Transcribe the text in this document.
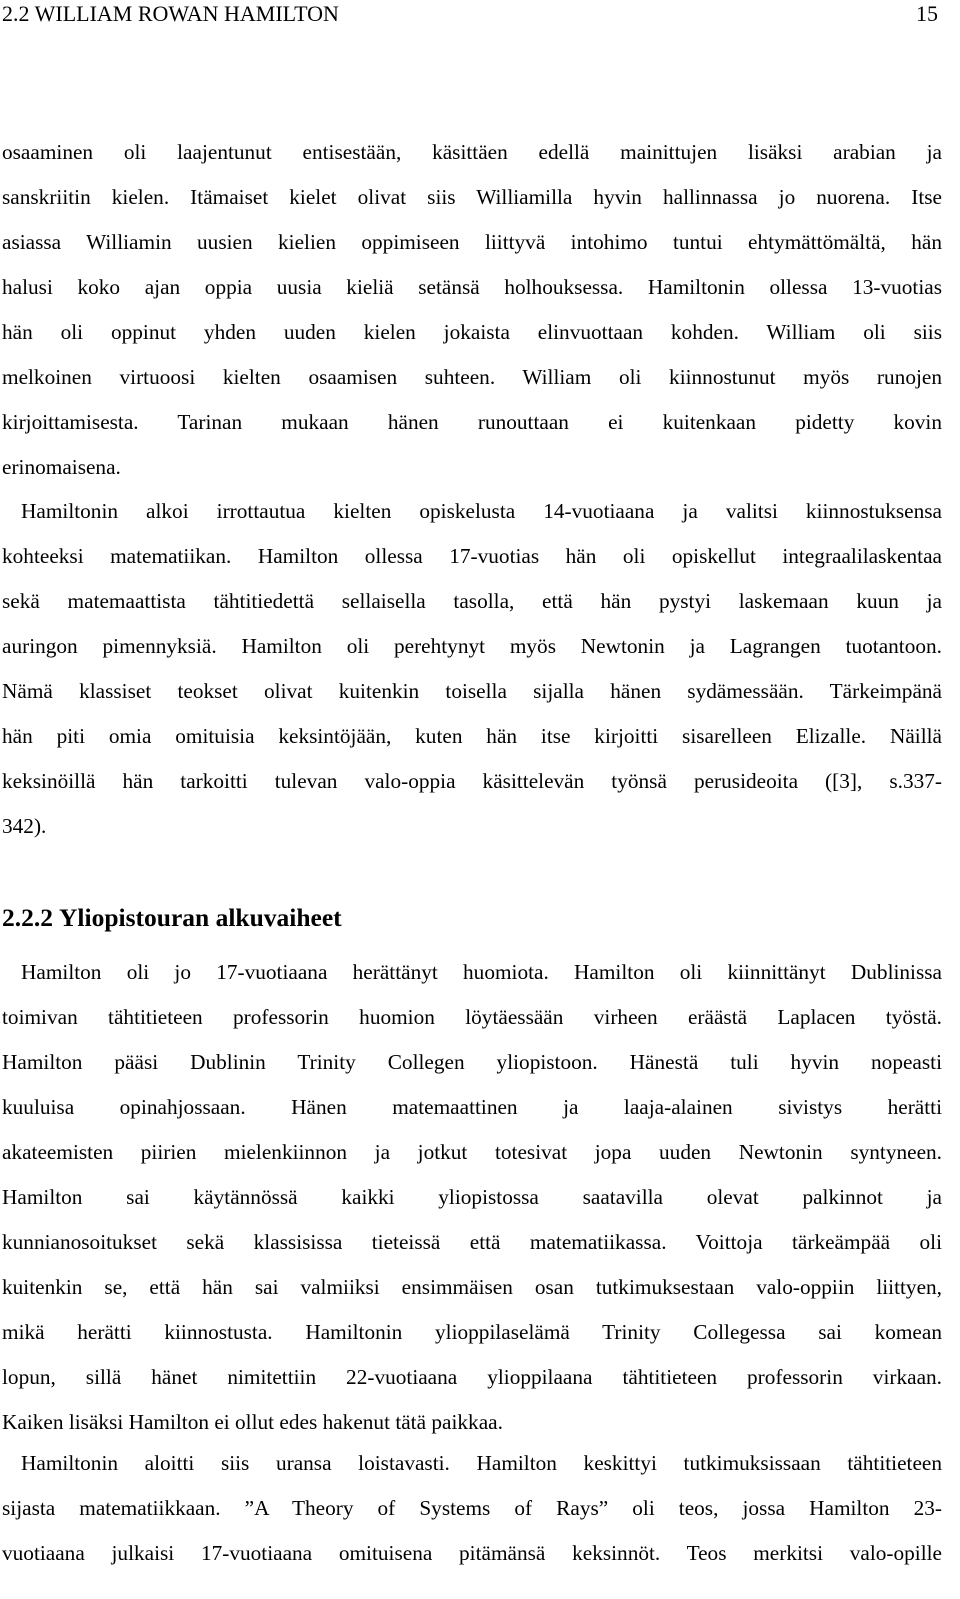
2.2 WILLIAM ROWAN HAMILTON	15

osaaminen oli laajentunut entisestään, käsittäen edellä mainittujen lisäksi arabian ja
sanskriitin kielen. Itämaiset kielet olivat siis Williamilla hyvin hallinnassa jo nuorena. Itse
asiassa Williamin uusien kielien oppimiseen liittyvä intohimo tuntui ehtymättömältä, hän
halusi koko ajan oppia uusia kieliä setänsä holhouksessa. Hamiltonin ollessa 13-vuotias
hän oli oppinut yhden uuden kielen jokaista elinvuottaan kohden. William oli siis
melkoinen virtuoosi kielten osaamisen suhteen. William oli kiinnostunut myös runojen
kirjoittamisesta. Tarinan mukaan hänen runouttaan ei kuitenkaan pidetty kovin
erinomaisena.

Hamiltonin alkoi irrottautua kielten opiskelusta 14-vuotiaana ja valitsi kiinnostuksensa
kohteeksi matematiikan. Hamilton ollessa 17-vuotias hän oli opiskellut integraalilaskentaa
sekä matemaattista tähtitiedettä sellaisella tasolla, että hän pystyi laskemaan kuun ja
auringon pimennyksiä. Hamilton oli perehtynyt myös Newtonin ja Lagrangen tuotantoon.
Nämä klassiset teokset olivat kuitenkin toisella sijalla hänen sydämessään. Tärkeimpänä
hän piti omia omituisia keksintöjään, kuten hän itse kirjoitti sisarelleen Elizalle. Näillä
keksinöillä hän tarkoitti tulevan valo-oppia käsittelevän työnsä perusideoita ([3], s.337-
342).

2.2.2 Yliopistouran alkuvaiheet

Hamilton oli jo 17-vuotiaana herättänyt huomiota. Hamilton oli kiinnittänyt Dublinissa
toimivan tähtitieteen professorin huomion löytäessään virheen eräästä Laplacen työstä.
Hamilton pääsi Dublinin Trinity Collegen yliopistoon. Hänestä tuli hyvin nopeasti
kuuluisa opinahjossaan. Hänen matemaattinen ja laaja-alainen sivistys herätti
akateemisten piirien mielenkiinnon ja jotkut totesivat jopa uuden Newtonin syntyneen.
Hamilton sai käytännössä kaikki yliopistossa saatavilla olevat palkinnot ja
kunnianosoitukset sekä klassisissa tieteissä että matematiikassa. Voittoja tärkeämpää oli
kuitenkin se, että hän sai valmiiksi ensimmäisen osan tutkimuksestaan valo-oppiin liittyen,
mikä herätti kiinnostusta. Hamiltonin ylioppilaselämä Trinity Collegessa sai komean
lopun, sillä hänet nimitettiin 22-vuotiaana ylioppilaana tähtitieteen professorin virkaan.
Kaiken lisäksi Hamilton ei ollut edes hakenut tätä paikkaa.

Hamiltonin aloitti siis uransa loistavasti. Hamilton keskittyi tutkimuksissaan tähtitieteen
sijasta matematiikkaan. ”A Theory of Systems of Rays” oli teos, jossa Hamilton 23-
vuotiaana julkaisi 17-vuotiaana omituisena pitämänsä keksinnöt. Teos merkitsi valo-opille
